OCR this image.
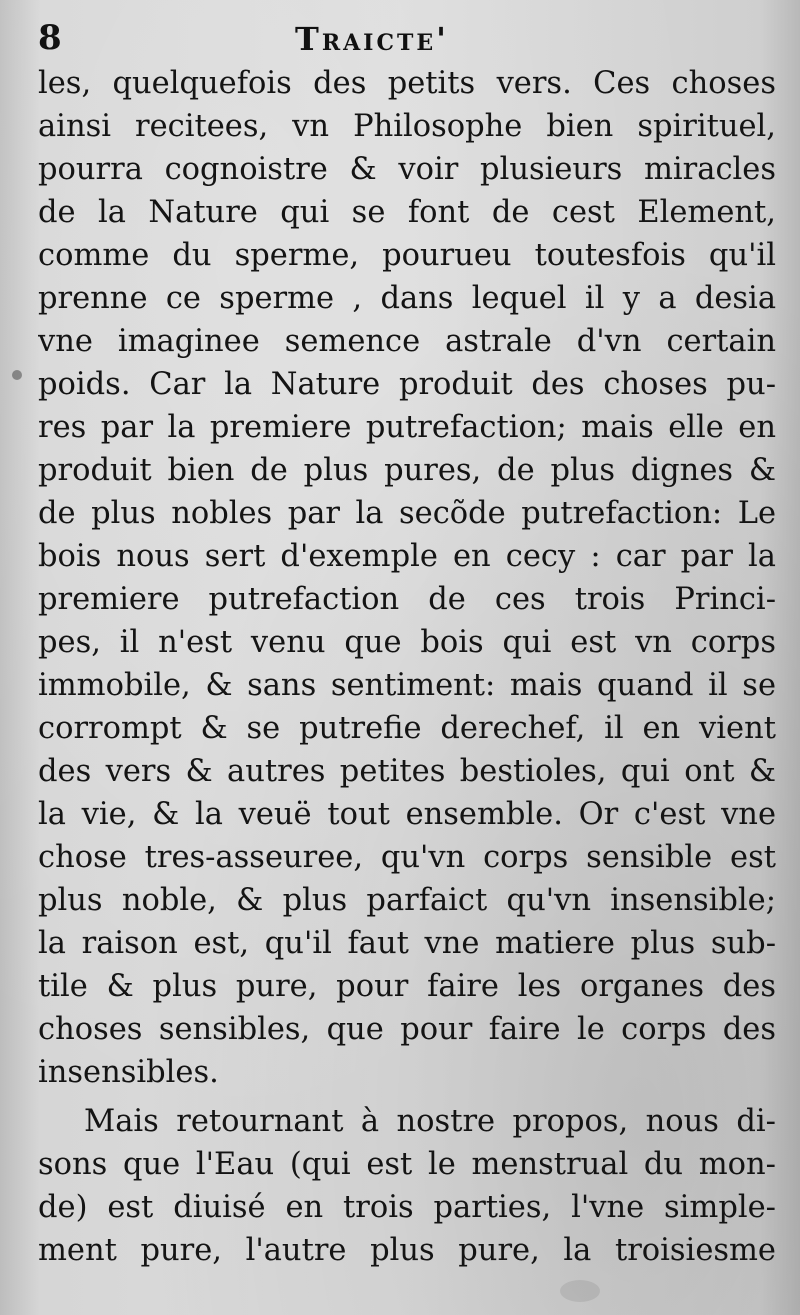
8	Traicte'
les, quelquefois des petits vers. Ces choses
ainsi recitees, vn Philosophe bien spirituel,
pourra cognoistre & voir plusieurs miracles
de la Nature qui se font de cest Element,
comme du sperme, pourueu toutesfois qu'il
prenne ce sperme , dans lequel il y a desia
vne imaginee semence astrale d'vn certain
poids. Car la Nature produit des choses pu-
res par la premiere putrefaction; mais elle en
produit bien de plus pures, de plus dignes &
de plus nobles par la secõde putrefaction: Le
bois nous sert d'exemple en cecy : car par la
premiere putrefaction de ces trois Princi-
pes, il n'est venu que bois qui est vn corps
immobile, & sans sentiment: mais quand il se
corrompt & se putrefie derechef, il en vient
des vers & autres petites bestioles, qui ont &
la vie, & la veuë tout ensemble. Or c'est vne
chose tres-asseuree, qu'vn corps sensible est
plus noble, & plus parfaict qu'vn insensible;
la raison est, qu'il faut vne matiere plus sub-
tile & plus pure, pour faire les organes des
choses sensibles, que pour faire le corps des
insensibles.
Mais retournant à nostre propos, nous di-
sons que l'Eau (qui est le menstrual du mon-
de) est diuisé en trois parties, l'vne simple-
ment pure, l'autre plus pure, la troisiesme
